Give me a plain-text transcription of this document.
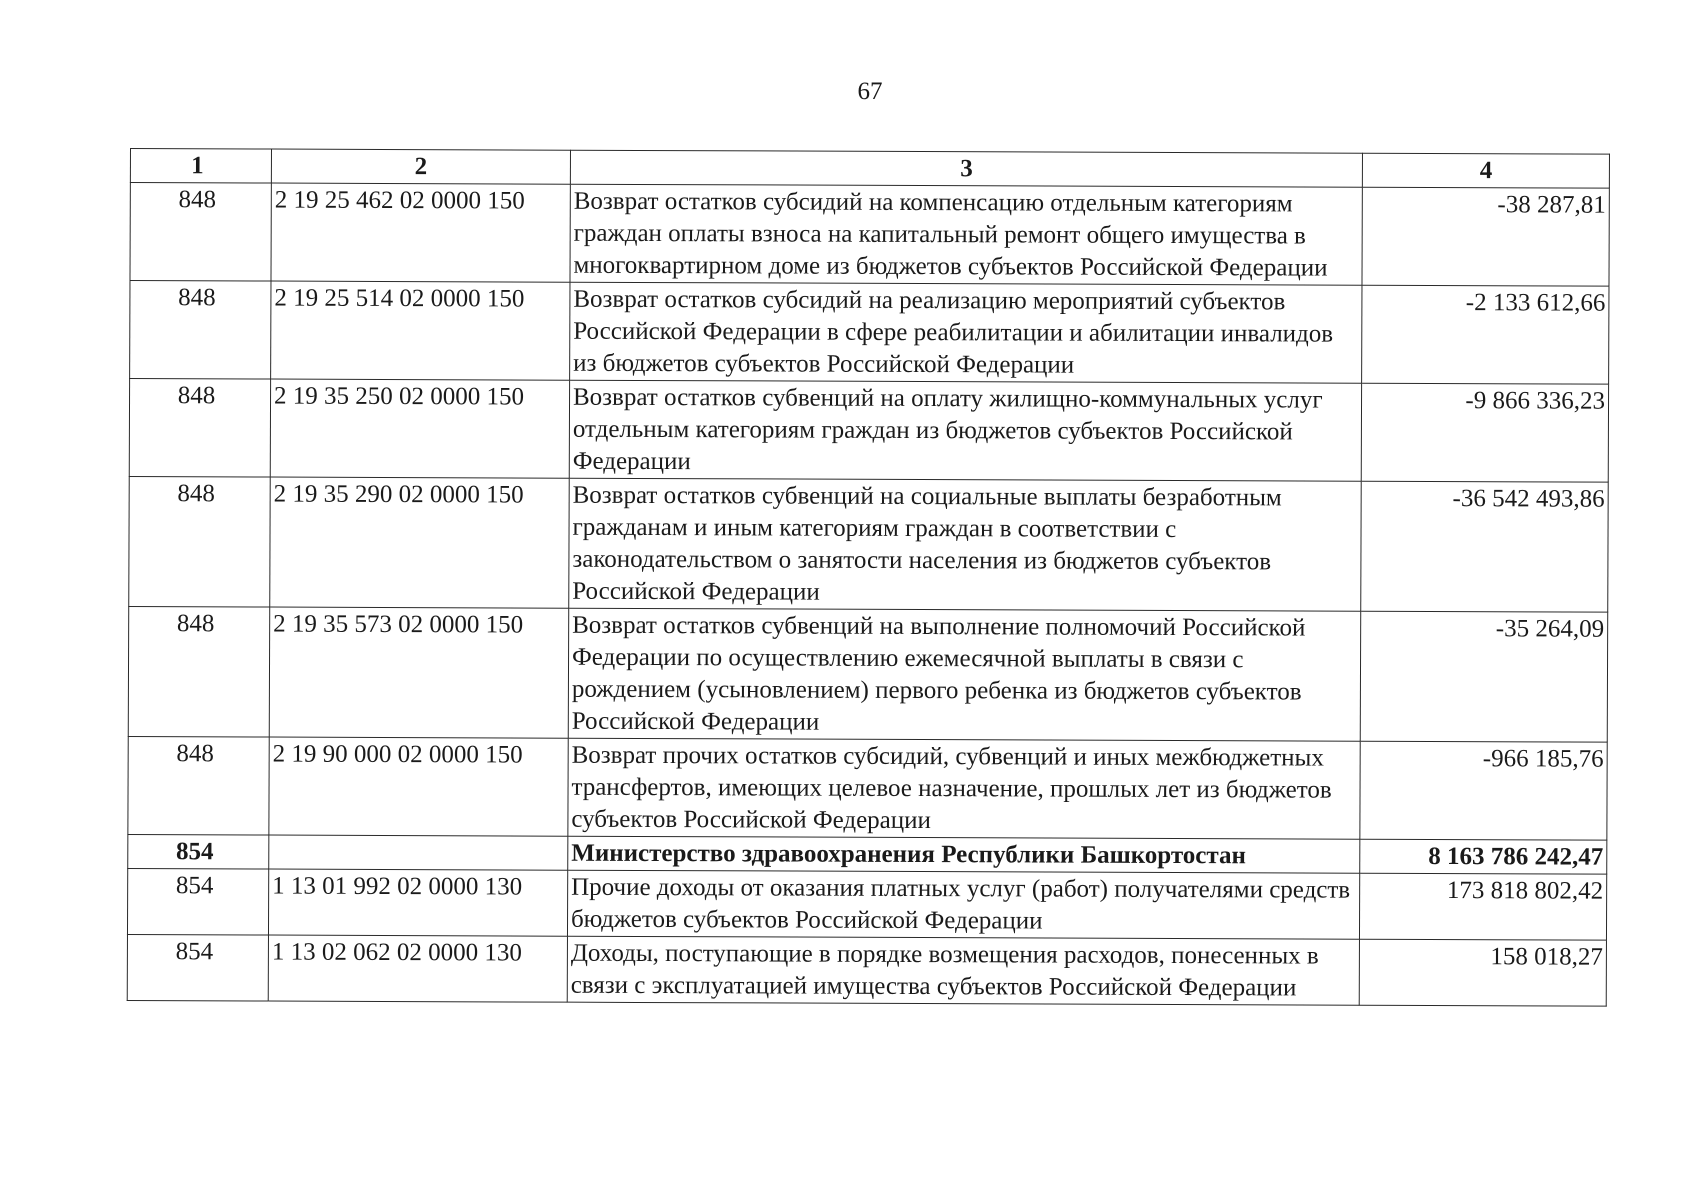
67
1	2	3	4
848	2 19 25 462 02 0000 150	Возврат остатков субсидий на компенсацию отдельным категориям граждан оплаты взноса на капитальный ремонт общего имущества в многоквартирном доме из бюджетов субъектов Российской Федерации	-38 287,81
848	2 19 25 514 02 0000 150	Возврат остатков субсидий на реализацию мероприятий субъектов Российской Федерации в сфере реабилитации и абилитации инвалидов из бюджетов субъектов Российской Федерации	-2 133 612,66
848	2 19 35 250 02 0000 150	Возврат остатков субвенций на оплату жилищно-коммунальных услуг отдельным категориям граждан из бюджетов субъектов Российской Федерации	-9 866 336,23
848	2 19 35 290 02 0000 150	Возврат остатков субвенций на социальные выплаты безработным гражданам и иным категориям граждан в соответствии с законодательством о занятости населения из бюджетов субъектов Российской Федерации	-36 542 493,86
848	2 19 35 573 02 0000 150	Возврат остатков субвенций на выполнение полномочий Российской Федерации по осуществлению ежемесячной выплаты в связи с рождением (усыновлением) первого ребенка из бюджетов субъектов Российской Федерации	-35 264,09
848	2 19 90 000 02 0000 150	Возврат прочих остатков субсидий, субвенций и иных межбюджетных трансфертов, имеющих целевое назначение, прошлых лет из бюджетов субъектов Российской Федерации	-966 185,76
854		Министерство здравоохранения Республики Башкортостан	8 163 786 242,47
854	1 13 01 992 02 0000 130	Прочие доходы от оказания платных услуг (работ) получателями средств бюджетов субъектов Российской Федерации	173 818 802,42
854	1 13 02 062 02 0000 130	Доходы, поступающие в порядке возмещения расходов, понесенных в связи с эксплуатацией имущества субъектов Российской Федерации	158 018,27
